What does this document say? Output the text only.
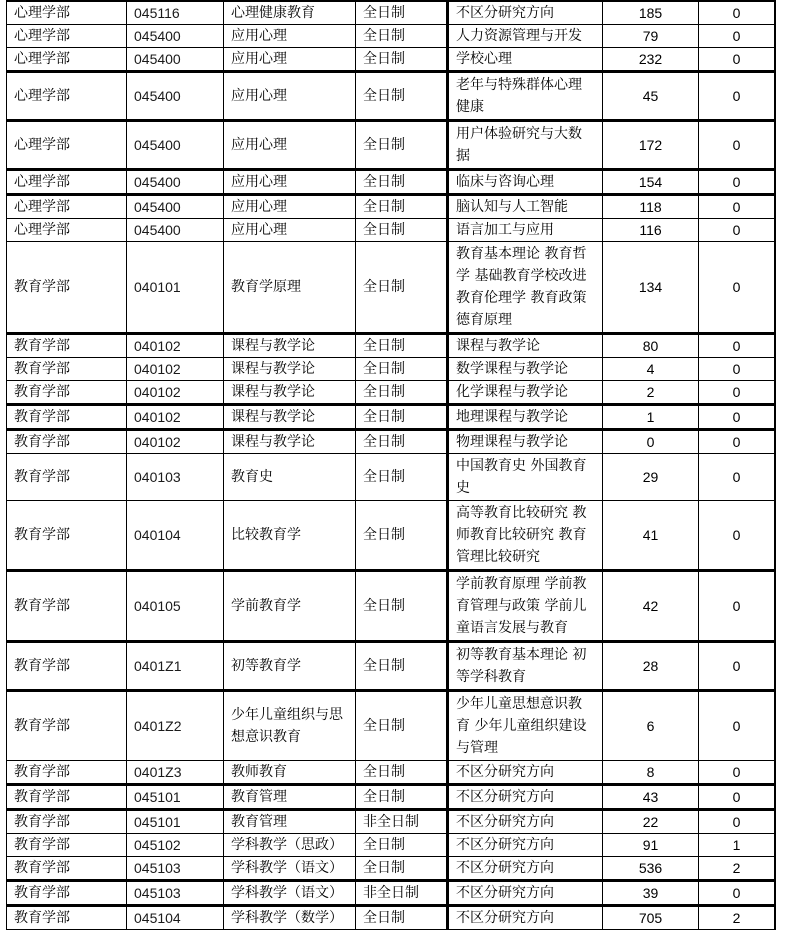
心理学部	045116	心理健康教育	全日制	不区分研究方向	185	0
心理学部	045400	应用心理	全日制	人力资源管理与开发	79	0
心理学部	045400	应用心理	全日制	学校心理	232	0
心理学部	045400	应用心理	全日制	老年与特殊群体心理健康	45	0
心理学部	045400	应用心理	全日制	用户体验研究与大数据	172	0
心理学部	045400	应用心理	全日制	临床与咨询心理	154	0
心理学部	045400	应用心理	全日制	脑认知与人工智能	118	0
心理学部	045400	应用心理	全日制	语言加工与应用	116	0
教育学部	040101	教育学原理	全日制	教育基本理论 教育哲学 基础教育学校改进 教育伦理学 教育政策 德育原理	134	0
教育学部	040102	课程与教学论	全日制	课程与教学论	80	0
教育学部	040102	课程与教学论	全日制	数学课程与教学论	4	0
教育学部	040102	课程与教学论	全日制	化学课程与教学论	2	0
教育学部	040102	课程与教学论	全日制	地理课程与教学论	1	0
教育学部	040102	课程与教学论	全日制	物理课程与教学论	0	0
教育学部	040103	教育史	全日制	中国教育史 外国教育史	29	0
教育学部	040104	比较教育学	全日制	高等教育比较研究 教师教育比较研究 教育管理比较研究	41	0
教育学部	040105	学前教育学	全日制	学前教育原理 学前教育管理与政策 学前儿童语言发展与教育	42	0
教育学部	0401Z1	初等教育学	全日制	初等教育基本理论 初等学科教育	28	0
教育学部	0401Z2	少年儿童组织与思想意识教育	全日制	少年儿童思想意识教育 少年儿童组织建设与管理	6	0
教育学部	0401Z3	教师教育	全日制	不区分研究方向	8	0
教育学部	045101	教育管理	全日制	不区分研究方向	43	0
教育学部	045101	教育管理	非全日制	不区分研究方向	22	0
教育学部	045102	学科教学（思政）	全日制	不区分研究方向	91	1
教育学部	045103	学科教学（语文）	全日制	不区分研究方向	536	2
教育学部	045103	学科教学（语文）	非全日制	不区分研究方向	39	0
教育学部	045104	学科教学（数学）	全日制	不区分研究方向	705	2
